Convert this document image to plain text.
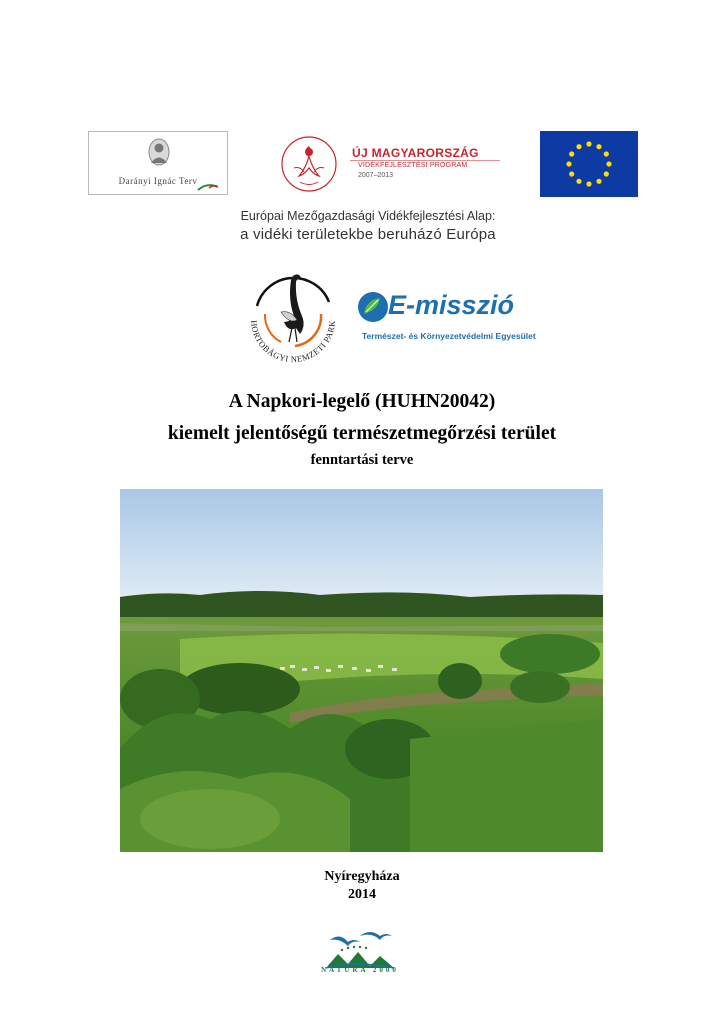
Darányi Ignác Terv
ÚJ MAGYARORSZÁG
VIDÉKFEJLESZTÉSI PROGRAM
2007–2013
Európai Mezőgazdasági Vidékfejlesztési Alap:
a vidéki területekbe beruházó Európa
HORTOBÁGYI NEMZETI PARK
E-misszió
Természet- és Környezetvédelmi Egyesület
A Napkori-legelő (HUHN20042)
kiemelt jelentőségű természetmegőrzési terület
fenntartási terve
Nyíregyháza
2014
NATURA 2000
